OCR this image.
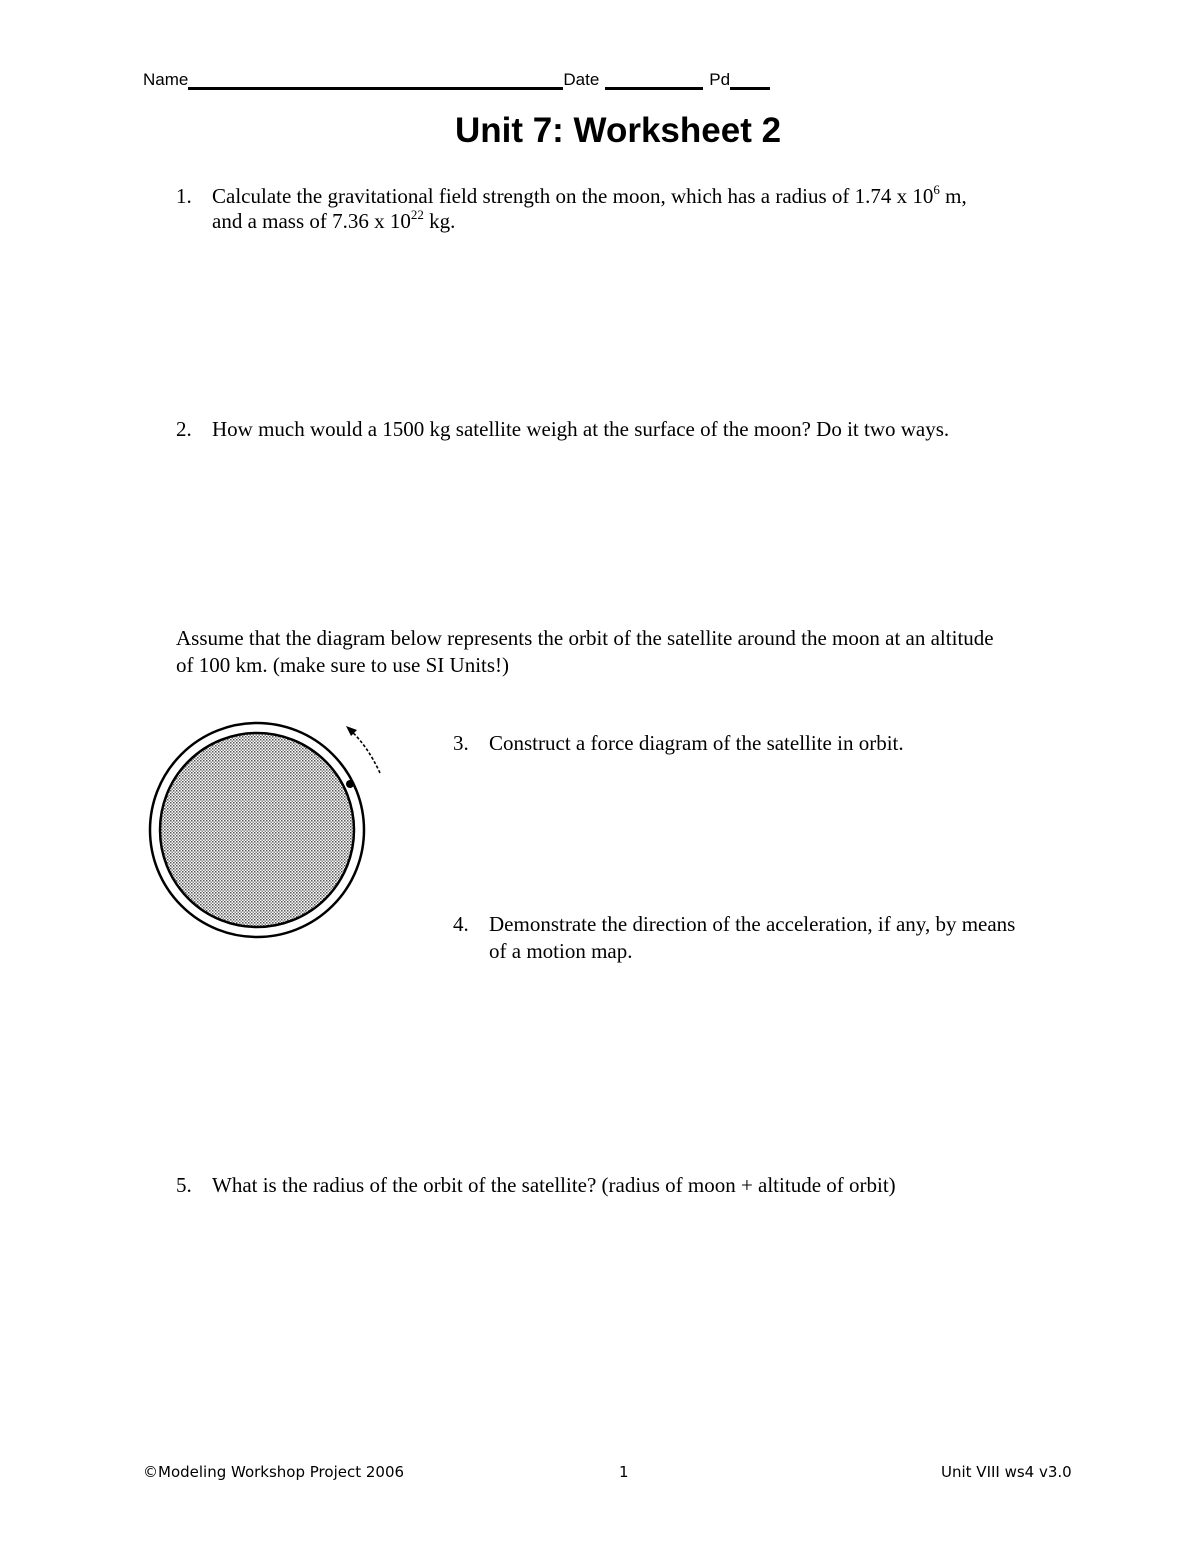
Name	Date	Pd
Unit 7: Worksheet 2
1. Calculate the gravitational field strength on the moon, which has a radius of 1.74 x $10^6$ m,
and a mass of 7.36 x $10^{22}$ kg.
2. How much would a 1500 kg satellite weigh at the surface of the moon? Do it two ways.
Assume that the diagram below represents the orbit of the satellite around the moon at an altitude
of 100 km. (make sure to use SI Units!)
3. Construct a force diagram of the satellite in orbit.
4. Demonstrate the direction of the acceleration, if any, by means
of a motion map.
5. What is the radius of the orbit of the satellite? (radius of moon + altitude of orbit)
©Modeling Workshop Project 2006	1	Unit VIII ws4 v3.0
